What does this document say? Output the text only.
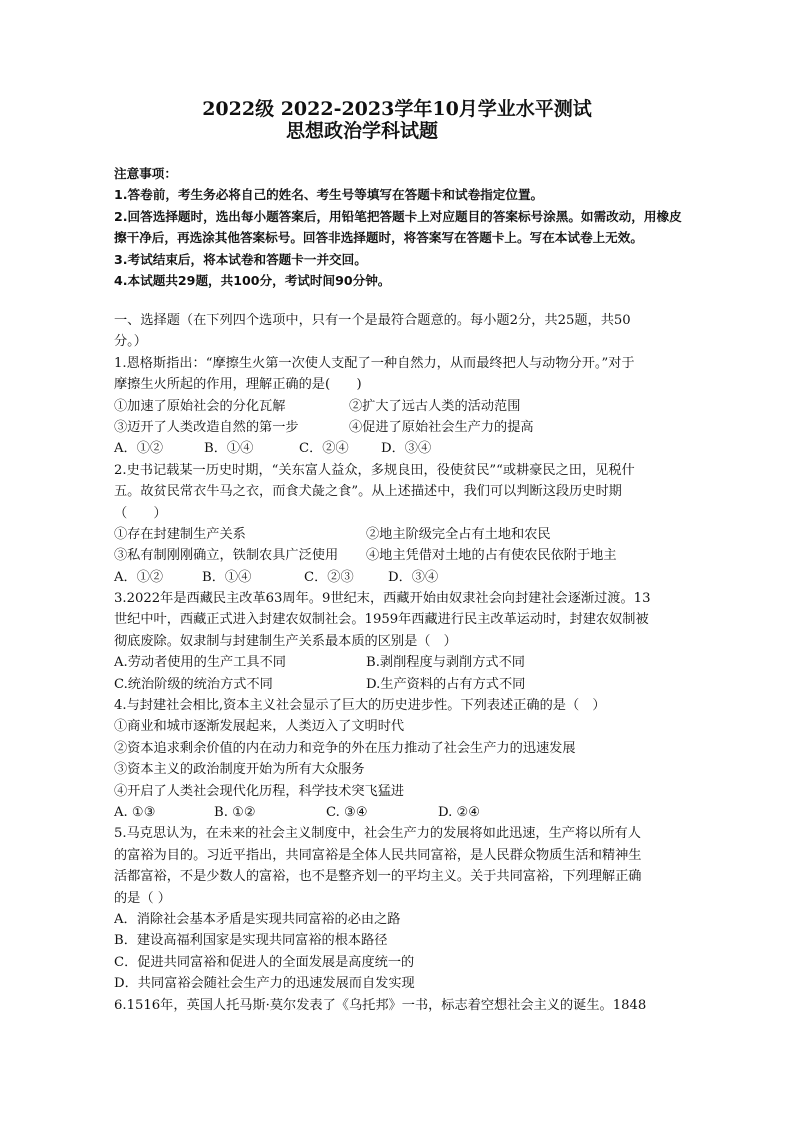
2022级 2022-2023学年10月学业水平测试
思想政治学科试题
注意事项：
1.答卷前，考生务必将自己的姓名、考生号等填写在答题卡和试卷指定位置。
2.回答选择题时，选出每小题答案后，用铅笔把答题卡上对应题目的答案标号涂黑。如需改动，用橡皮
擦干净后，再选涂其他答案标号。回答非选择题时，将答案写在答题卡上。写在本试卷上无效。
3.考试结束后，将本试卷和答题卡一并交回。
4.本试题共29题，共100分，考试时间90分钟。
一、选择题（在下列四个选项中，只有一个是最符合题意的。每小题2分，共25题，共50
分。）
1.恩格斯指出：“摩擦生火第一次使人支配了一种自然力，从而最终把人与动物分开。”对于
摩擦生火所起的作用，理解正确的是(　　)
①加速了原始社会的分化瓦解	②扩大了远古人类的活动范围
③迈开了人类改造自然的第一步	④促进了原始社会生产力的提高
A．①②	B．①④	C．②④	D．③④
2.史书记载某一历史时期，“关东富人益众，多规良田，役使贫民”“或耕豪民之田，见税什
五。故贫民常衣牛马之衣，而食犬彘之食”。从上述描述中，我们可以判断这段历史时期
（　　）
①存在封建制生产关系	②地主阶级完全占有土地和农民
③私有制刚刚确立，铁制农具广泛使用	④地主凭借对土地的占有使农民依附于地主
A．①②	B．①④	C．②③	D．③④
3.2022年是西藏民主改革63周年。9世纪末，西藏开始由奴隶社会向封建社会逐渐过渡。13
世纪中叶，西藏正式进入封建农奴制社会。1959年西藏进行民主改革运动时，封建农奴制被
彻底废除。奴隶制与封建制生产关系最本质的区别是（　）
A.劳动者使用的生产工具不同	B.剥削程度与剥削方式不同
C.统治阶级的统治方式不同	D.生产资料的占有方式不同
4.与封建社会相比,资本主义社会显示了巨大的历史进步性。下列表述正确的是（　）
①商业和城市逐渐发展起来，人类迈入了文明时代
②资本追求剩余价值的内在动力和竞争的外在压力推动了社会生产力的迅速发展
③资本主义的政治制度开始为所有大众服务
④开启了人类社会现代化历程，科学技术突飞猛进
A. ①③	B. ①②	C. ③④	D. ②④
5.马克思认为，在未来的社会主义制度中，社会生产力的发展将如此迅速，生产将以所有人
的富裕为目的。习近平指出，共同富裕是全体人民共同富裕，是人民群众物质生活和精神生
活都富裕，不是少数人的富裕，也不是整齐划一的平均主义。关于共同富裕，下列理解正确
的是（ ）
A．消除社会基本矛盾是实现共同富裕的必由之路
B．建设高福利国家是实现共同富裕的根本路径
C．促进共同富裕和促进人的全面发展是高度统一的
D．共同富裕会随社会生产力的迅速发展而自发实现
6.1516年，英国人托马斯·莫尔发表了《乌托邦》一书，标志着空想社会主义的诞生。1848
